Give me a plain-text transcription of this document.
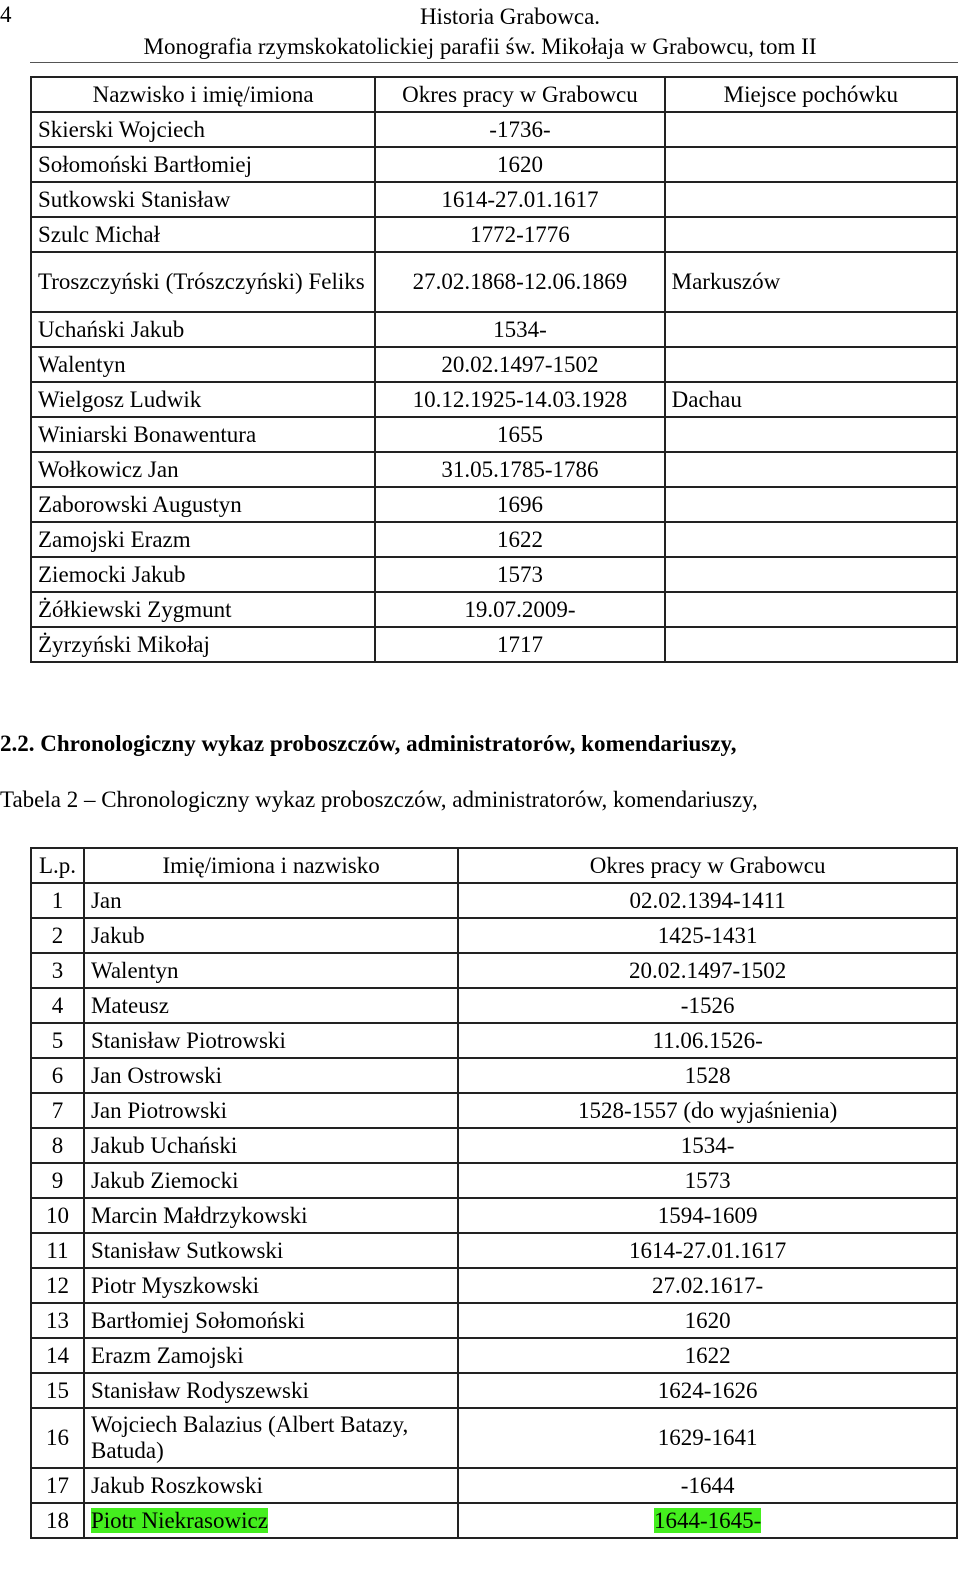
4	Historia Grabowca.
Monografia rzymskokatolickiej parafii św. Mikołaja w Grabowcu, tom II
Nazwisko i imię/imiona	Okres pracy w Grabowcu	Miejsce pochówku
Skierski Wojciech	-1736-	
Sołomoński Bartłomiej	1620	
Sutkowski Stanisław	1614-27.01.1617	
Szulc Michał	1772-1776	
Troszczyński (Trószczyński) Feliks	27.02.1868-12.06.1869	Markuszów
Uchański Jakub	1534-	
Walentyn	20.02.1497-1502	
Wielgosz Ludwik	10.12.1925-14.03.1928	Dachau
Winiarski Bonawentura	1655	
Wołkowicz Jan	31.05.1785-1786	
Zaborowski Augustyn	1696	
Zamojski Erazm	1622	
Ziemocki Jakub	1573	
Żółkiewski Zygmunt	19.07.2009-	
Żyrzyński Mikołaj	1717	
2.2. Chronologiczny wykaz proboszczów, administratorów, komendariuszy,
Tabela 2 – Chronologiczny wykaz proboszczów, administratorów, komendariuszy,
L.p.	Imię/imiona i nazwisko	Okres pracy w Grabowcu
1	Jan	02.02.1394-1411
2	Jakub	1425-1431
3	Walentyn	20.02.1497-1502
4	Mateusz	-1526
5	Stanisław Piotrowski	11.06.1526-
6	Jan Ostrowski	1528
7	Jan Piotrowski	1528-1557 (do wyjaśnienia)
8	Jakub Uchański	1534-
9	Jakub Ziemocki	1573
10	Marcin Małdrzykowski	1594-1609
11	Stanisław Sutkowski	1614-27.01.1617
12	Piotr Myszkowski	27.02.1617-
13	Bartłomiej Sołomoński	1620
14	Erazm Zamojski	1622
15	Stanisław Rodyszewski	1624-1626
16	Wojciech Balazius (Albert Batazy, Batuda)	1629-1641
17	Jakub Roszkowski	-1644
18	Piotr Niekrasowicz	1644-1645-
